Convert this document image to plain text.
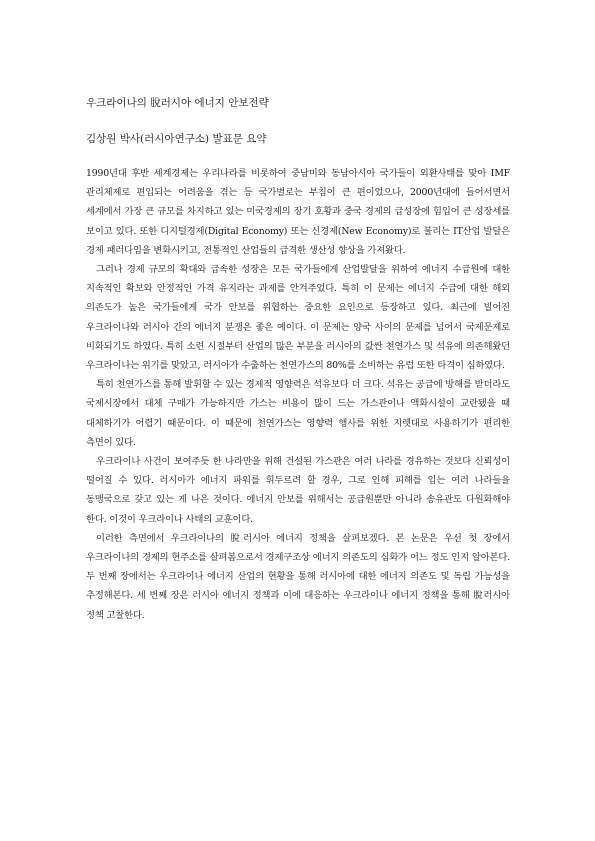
우크라이나의 脫러시아 에너지 안보전략
김상원 박사(러시아연구소) 발표문 요약

1990년대 후반 세계경제는 우리나라를 비롯하여 중남미와 동남아시아 국가들이 외환사태를 맞아 IMF 관리체제로 편입되는 어려움을 겪는 등 국가별로는 부침이 큰 편이었으나, 2000년대에 들어서면서 세계에서 가장 큰 규모를 차지하고 있는 미국경제의 장기 호황과 중국 경제의 급성장에 힘입어 큰 성장세를 보이고 있다. 또한 디지털경제(Digital Economy) 또는 신경제(New Economy)로 불리는 IT산업 발달은 경제 패러다임을 변화시키고, 전통적인 산업들의 급격한 생산성 향상을 가져왔다.

그러나 경제 규모의 확대와 급속한 성장은 모든 국가들에게 산업발달을 위하여 에너지 수급원에 대한 지속적인 확보와 안정적인 가격 유지라는 과제를 안겨주었다. 특히 이 문제는 에너지 수급에 대한 해외 의존도가 높은 국가들에게 국가 안보를 위협하는 중요한 요인으로 등장하고 있다. 최근에 빌어진 우크라이나와 러시아 간의 에너지 분쟁은 좋은 예이다. 이 문제는 양국 사이의 문제를 넘어서 국제문제로 비화되기도 하였다. 특히 소련 시절부터 산업의 많은 부분을 러시아의 값싼 천연가스 및 석유에 의존해왔던 우크라이나는 위기를 맞았고, 러시아가 수출하는 천연가스의 80%를 소비하는 유럽 또한 타격이 심하였다.

특히 천연가스를 통해 발휘할 수 있는 경제적 영향력은 석유보다 더 크다. 석유는 공급에 방해를 받더라도 국제시장에서 대체 구매가 가능하지만 가스는 비용이 많이 드는 가스관이나 액화시설이 교란됐을 때 대체하기가 어렵기 때문이다. 이 때문에 천연가스는 영향력 행사를 위한 지렛대로 사용하기가 편리한 측면이 있다.

우크라이나 사건이 보여주듯 한 나라만을 위해 건설된 가스관은 여러 나라를 경유하는 것보다 신뢰성이 떨어질 수 있다. 러시아가 에너지 파워를 휘두르려 할 경우, 그로 인해 피해를 입는 여러 나라들을 동맹국으로 갖고 있는 게 나은 것이다. 에너지 안보를 위해서는 공급원뿐만 아니라 송유관도 다원화해야 한다. 이것이 우크라이나 사태의 교훈이다.

이러한 측면에서 우크라이나의 脫러시아 에너지 정책을 살펴보겠다. 본 논문은 우선 첫 장에서 우크라이나의 경제의 현주소를 살펴봄으로서 경제구조상 에너지 의존도의 심화가 어느 정도 인지 알아본다. 두 번째 장에서는 우크라이나 에너지 산업의 현황을 통해 러시아에 대한 에너지 의존도 및 독립 가능성을 추정해본다. 세 번째 장은 러시아 에너지 정책과 이에 대응하는 우크라이나 에너지 정책을 통해 脫러시아 정책 고찰한다.
